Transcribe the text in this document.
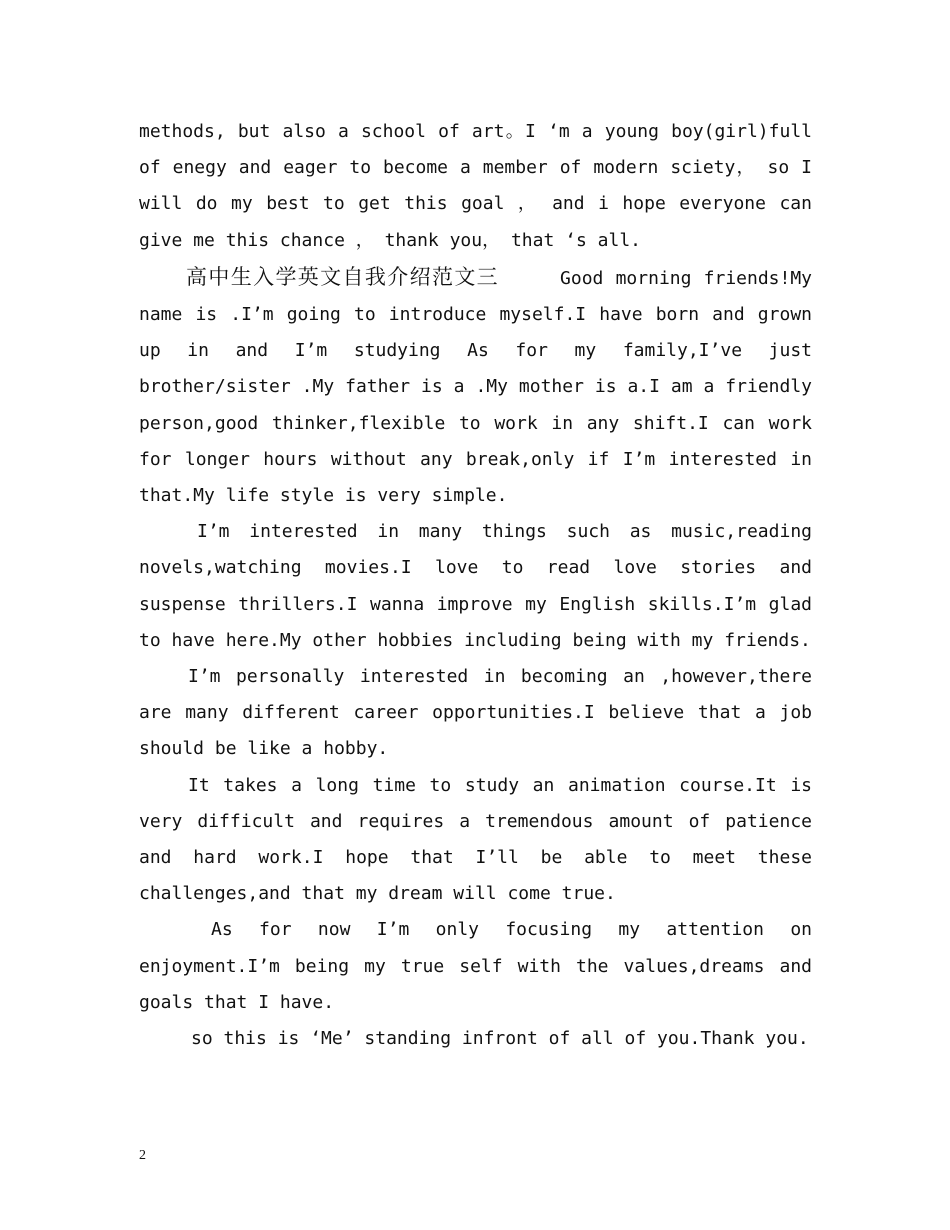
methods, but also a school of art。I ‘m a young boy(girl)full of enegy and eager to become a member of modern sciety， so I will do my best to get this goal ， and i hope everyone can give me this chance ， thank you， that ‘s all.

高中生入学英文自我介绍范文三	Good morning friends!My name is .I’m going to introduce myself.I have born and grown up in and I’m studying As for my family,I’ve just brother/sister .My father is a .My mother is a.I am a friendly person,good thinker,flexible to work in any shift.I can work for longer hours without any break,only if I’m interested in that.My life style is very simple.

I’m interested in many things such as music,reading novels,watching movies.I love to read love stories and suspense thrillers.I wanna improve my English skills.I’m glad to have here.My other hobbies including being with my friends.

I’m personally interested in becoming an ,however,there are many different career opportunities.I believe that a job should be like a hobby.

It takes a long time to study an animation course.It is very difficult and requires a tremendous amount of patience and hard work.I hope that I’ll be able to meet these challenges,and that my dream will come true.

As for now I’m only focusing my attention on enjoyment.I’m being my true self with the values,dreams and goals that I have.

so this is ‘Me’ standing infront of all of you.Thank you.

2
